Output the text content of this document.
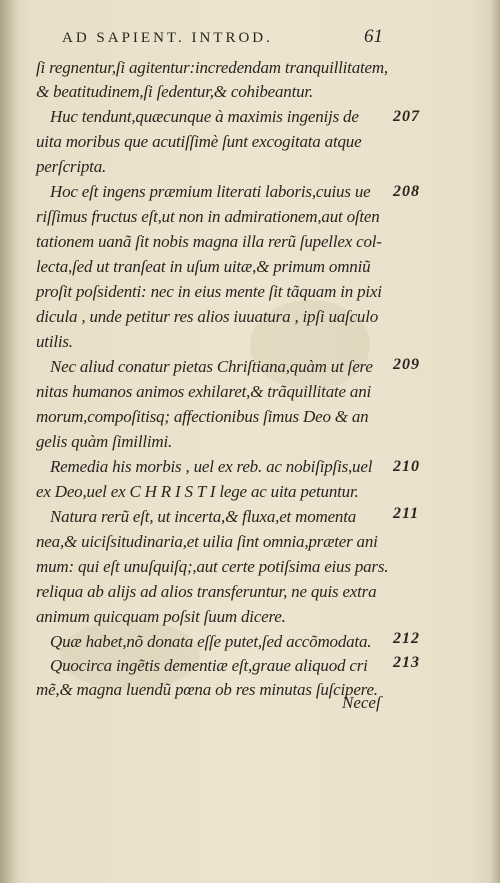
AD SAPIENT. INTROD.	61
ſi regnentur,ſi agitentur:incredendam tranquillitatem,
& beatitudinem,ſi ſedentur,& cohibeantur.
Huc tendunt,quæcunque à maximis ingenijs de
uita moribus que acutiſſimè ſunt excogitata atque
perſcripta.
Hoc eſt ingens præmium literati laboris,cuius ue
riſſimus fructus eſt,ut non in admirationem,aut oſten
tationem uanã ſit nobis magna illa rerũ ſupellex col-
lecta,ſed ut tranſeat in uſum uitæ,& primum omniũ
proſit poſsidenti: nec in eius mente ſit tãquam in pixi
dicula , unde petitur res alios iuuatura , ipſi uaſculo
utilis.
Nec aliud conatur pietas Chriſtiana,quàm ut ſere
nitas humanos animos exhilaret,& trãquillitate ani
morum,compoſitisq; affectionibus ſimus Deo & an
gelis quàm ſimillimi.
Remedia his morbis , uel ex reb. ac nobiſipſis,uel
ex Deo,uel ex C H R I S T I lege ac uita petuntur.
Natura rerũ eſt, ut incerta,& fluxa,et momenta
nea,& uiciſsitudinaria,et uilia ſint omnia,præter ani
mum: qui eſt unuſquiſq;,aut certe potiſsima eius pars.
reliqua ab alijs ad alios transferuntur, ne quis extra
animum quicquam poſsit ſuum dicere.
Quæ habet,nõ donata eſſe putet,ſed accõmodata.
Quocirca ingẽtis dementiæ eſt,graue aliquod cri
mẽ,& magna luendũ pœna ob res minutas ſuſcipere.
207
208
209
210
211
212
213
Neceſ
